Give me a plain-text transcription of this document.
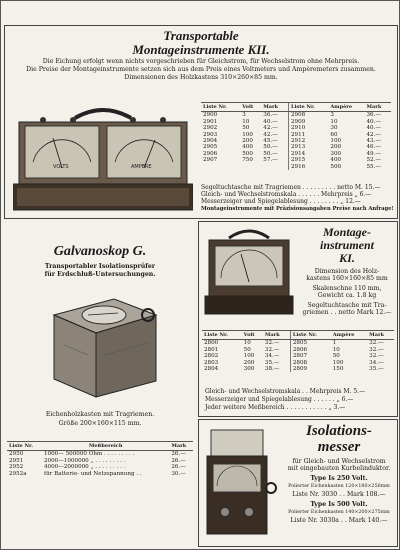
Transportable

Montageinstrumente KII.

Die Eichung erfolgt wenn nichts vorgeschrieben für Gleichstrom, für Wechselstrom ohne Mehrpreis.

Die Preise der Montageinstrumente setzen sich aus dem Preis eines Voltmeters und Ampèremeters zusammen.

Dimensionen des Holzkastens 310×260×85 mm.

VOLTS	AMPERE
Liste Nr.	Volt	Mark	Liste Nr.	Ampère	Mark
2900	3	36.—	2908	3	36.—
2901	10	40.—	2909	10	40.—
2902	50	42.—	2910	30	40.—
2903	100	42.—	2911	60	42.—
2904	200	45.—	2912	100	43.—
2905	400	50.—	2913	200	46.—
2906	500	50.—	2914	300	49.—
2907	750	57.—	2915	400	52.—
			2916	500	55.—
Segeltuchtasche mit Tragriemen . . . . . . . . . netto M. 15.—
Gleich- und Wechselstromskala . . . . . . Mehrpreis „ 6.—
Messerzeiger und Spiegelablesung . . . . . . . . „ 12.—
Montageinstrumente mit Präzisionsangaben Preise nach Anfrage!

Galvanoskop G.

Transportabler Isolationsprüfer

für Erdschluß-Untersuchungen.

Eichenholzkasten mit Tragriemen.

Größe 200×160×115 mm.

Liste Nr.	Meßbereich	Mark
2950	1000— 500000 Ohm . . . . . . . . .	26.—
2951	2000—1000000 „ . . . . . . . . .	26.—
2952	4000—2000000 „ . . . . . . . . .	26.—
2952a	für Batterie- und Netzspannung . .	30.—

Montage-

instrument

KI.

Dimension des Holz-

kastens 160×160×85 mm

Skalenschne 110 mm,

Gewicht ca. 1.8 kg

Segeltuchtasche mit Tra-

griemen . . netto Mark 12.—

Liste Nr.	Volt	Mark	Liste Nr.	Ampère	Mark
2800	10	32.—	2805	1	32.—
2801	50	32.—	2806	10	32.—
2802	100	34.—	2807	50	32.—
2803	200	35.—	2808	100	34.—
2804	300	38.—	2809	150	35.—
Gleich- und Wechselstromskala . . Mehrpreis M. 5.—
Messerzeiger und Spiegelablesung . . . . . . „ 6.—
Jeder weitere Meßbereich . . . . . . . . . . . „ 3.—

Isolations-

messer

für Gleich- und Wechselstrom

mit eingebauten Kurbelinduktor.

Type Is 250 Volt.

Polierter Eichenkasten 120×180×250mm

Liste Nr. 3030 . . Mark 108.—

Type Is 500 Volt.

Polierter Eichenkasten 140×200×275mm

Liste Nr. 3030a . . Mark 140.—
